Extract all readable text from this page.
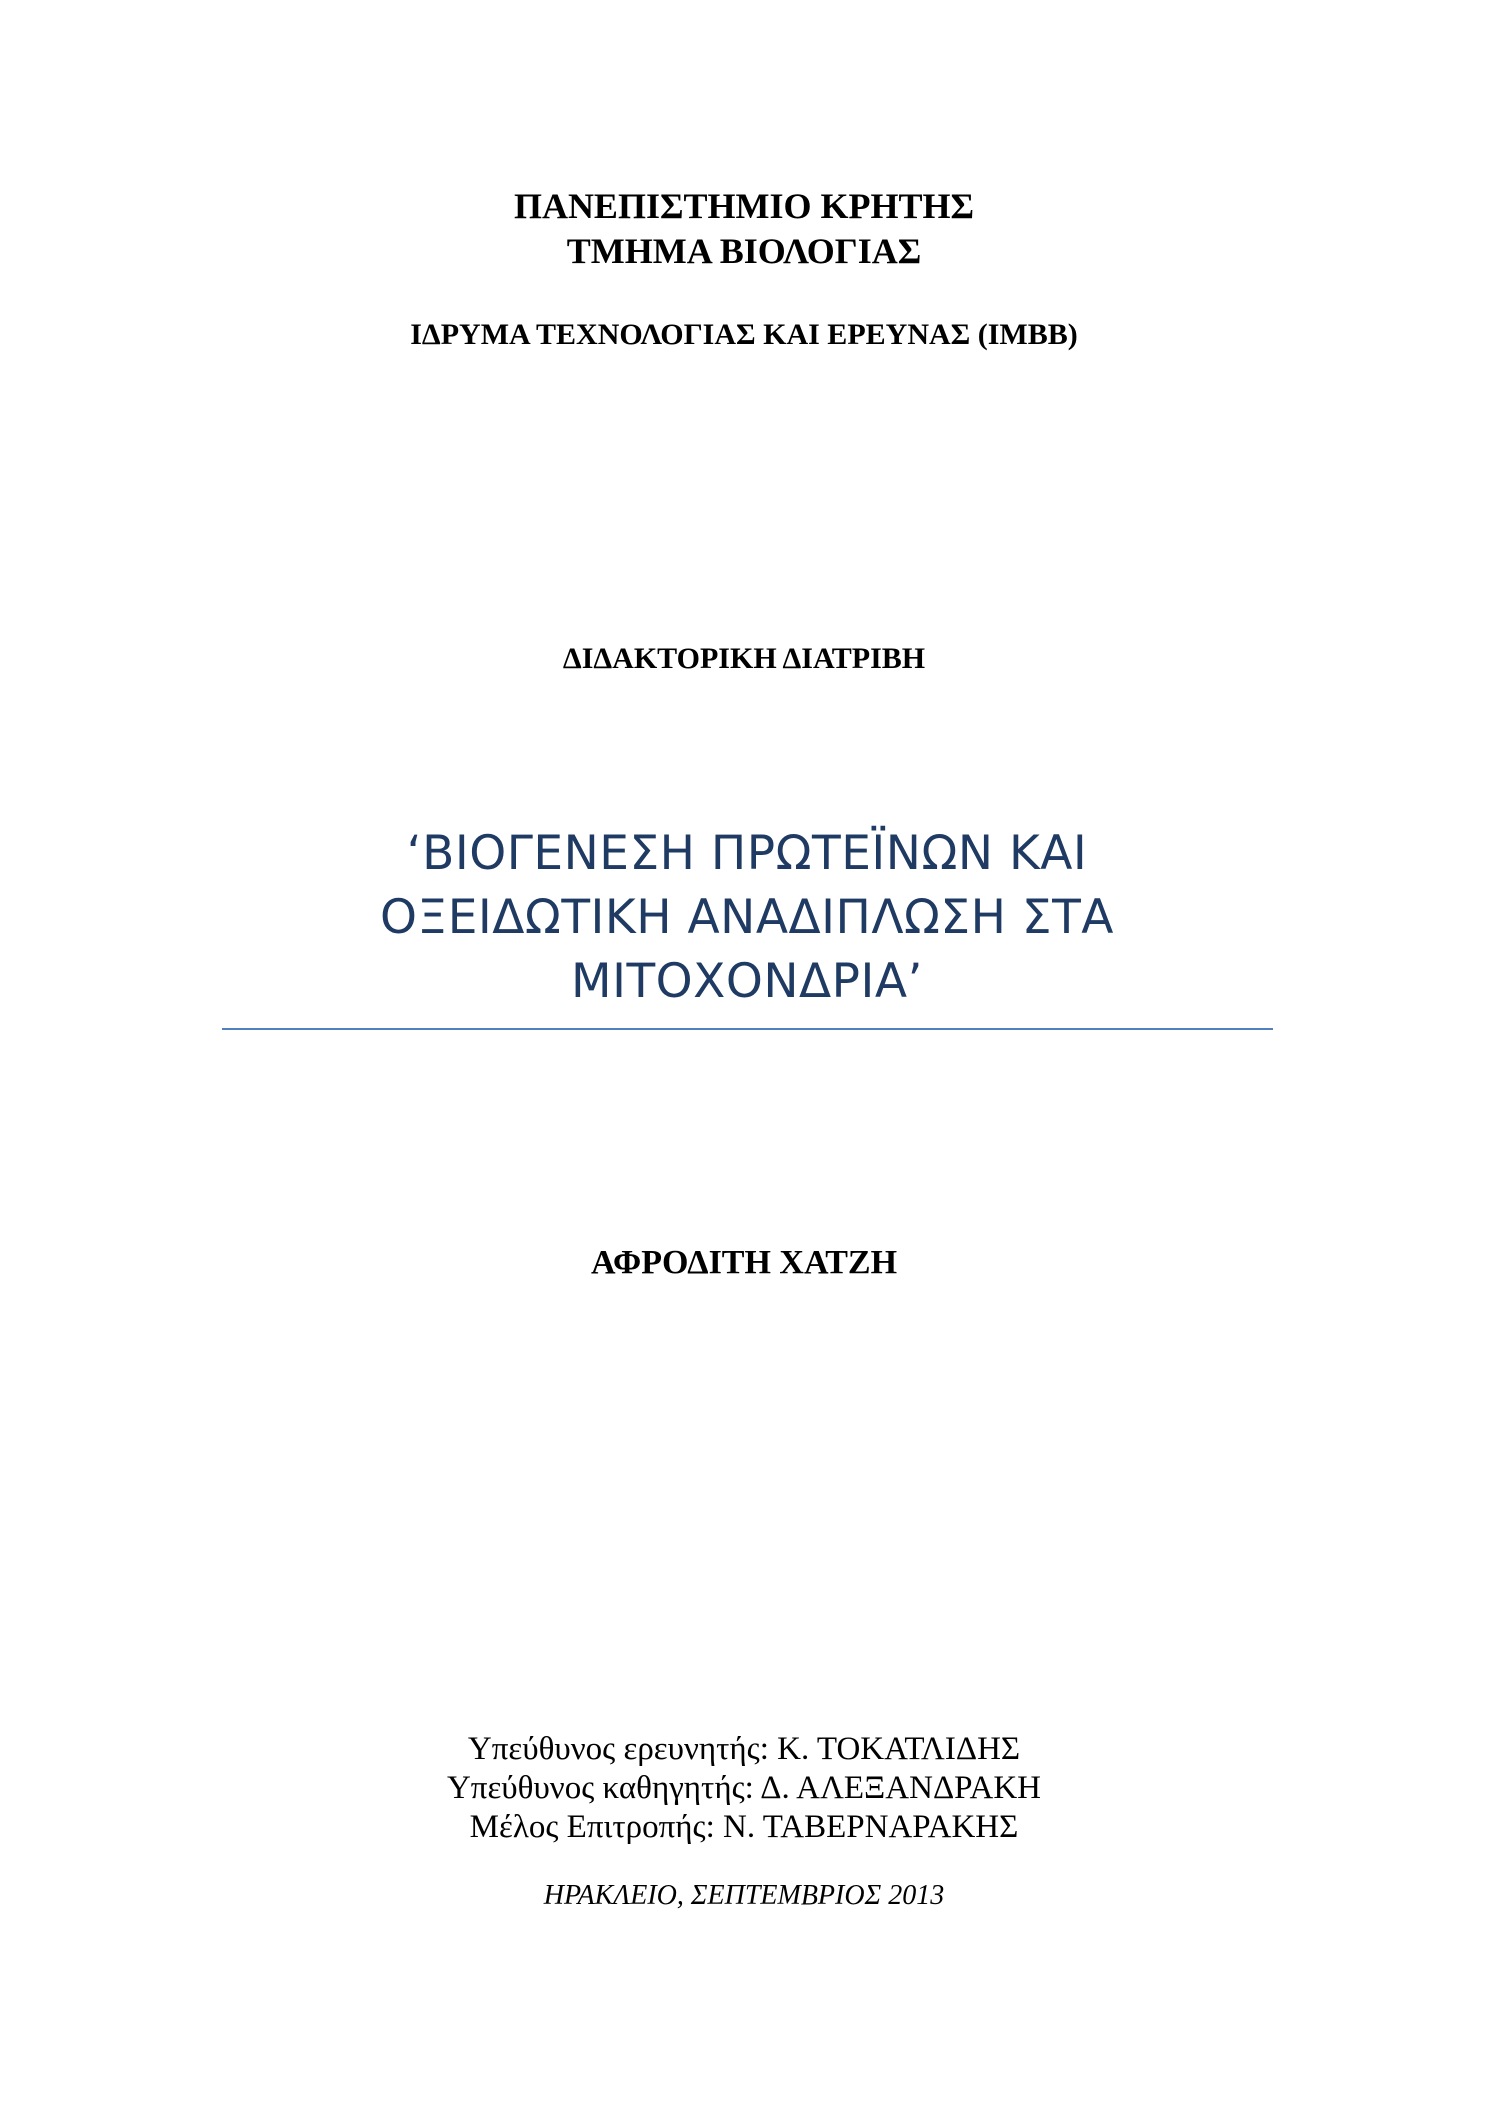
ΠΑΝΕΠΙΣΤΗΜΙΟ ΚΡΗΤΗΣ
ΤΜΗΜΑ ΒΙΟΛΟΓΙΑΣ
ΙΔΡΥΜΑ ΤΕΧΝΟΛΟΓΙΑΣ ΚΑΙ ΕΡΕΥΝΑΣ (IMBB)
ΔΙΔΑΚΤΟΡΙΚΗ ΔΙΑΤΡΙΒΗ
‘ΒΙΟΓΕΝΕΣΗ ΠΡΩΤΕΪΝΩΝ ΚΑΙ
ΟΞΕΙΔΩΤΙΚΗ ΑΝΑΔΙΠΛΩΣΗ ΣΤΑ
ΜΙΤΟΧΟΝΔΡΙΑ’
ΑΦΡΟΔΙΤΗ ΧΑΤΖΗ
Υπεύθυνος ερευνητής: Κ. ΤΟΚΑΤΛΙΔΗΣ
Υπεύθυνος καθηγητής: Δ. ΑΛΕΞΑΝΔΡΑΚΗ
Μέλος Επιτροπής: Ν. ΤΑΒΕΡΝΑΡΑΚΗΣ
ΗΡΑΚΛΕΙΟ, ΣΕΠΤΕΜΒΡΙΟΣ 2013
